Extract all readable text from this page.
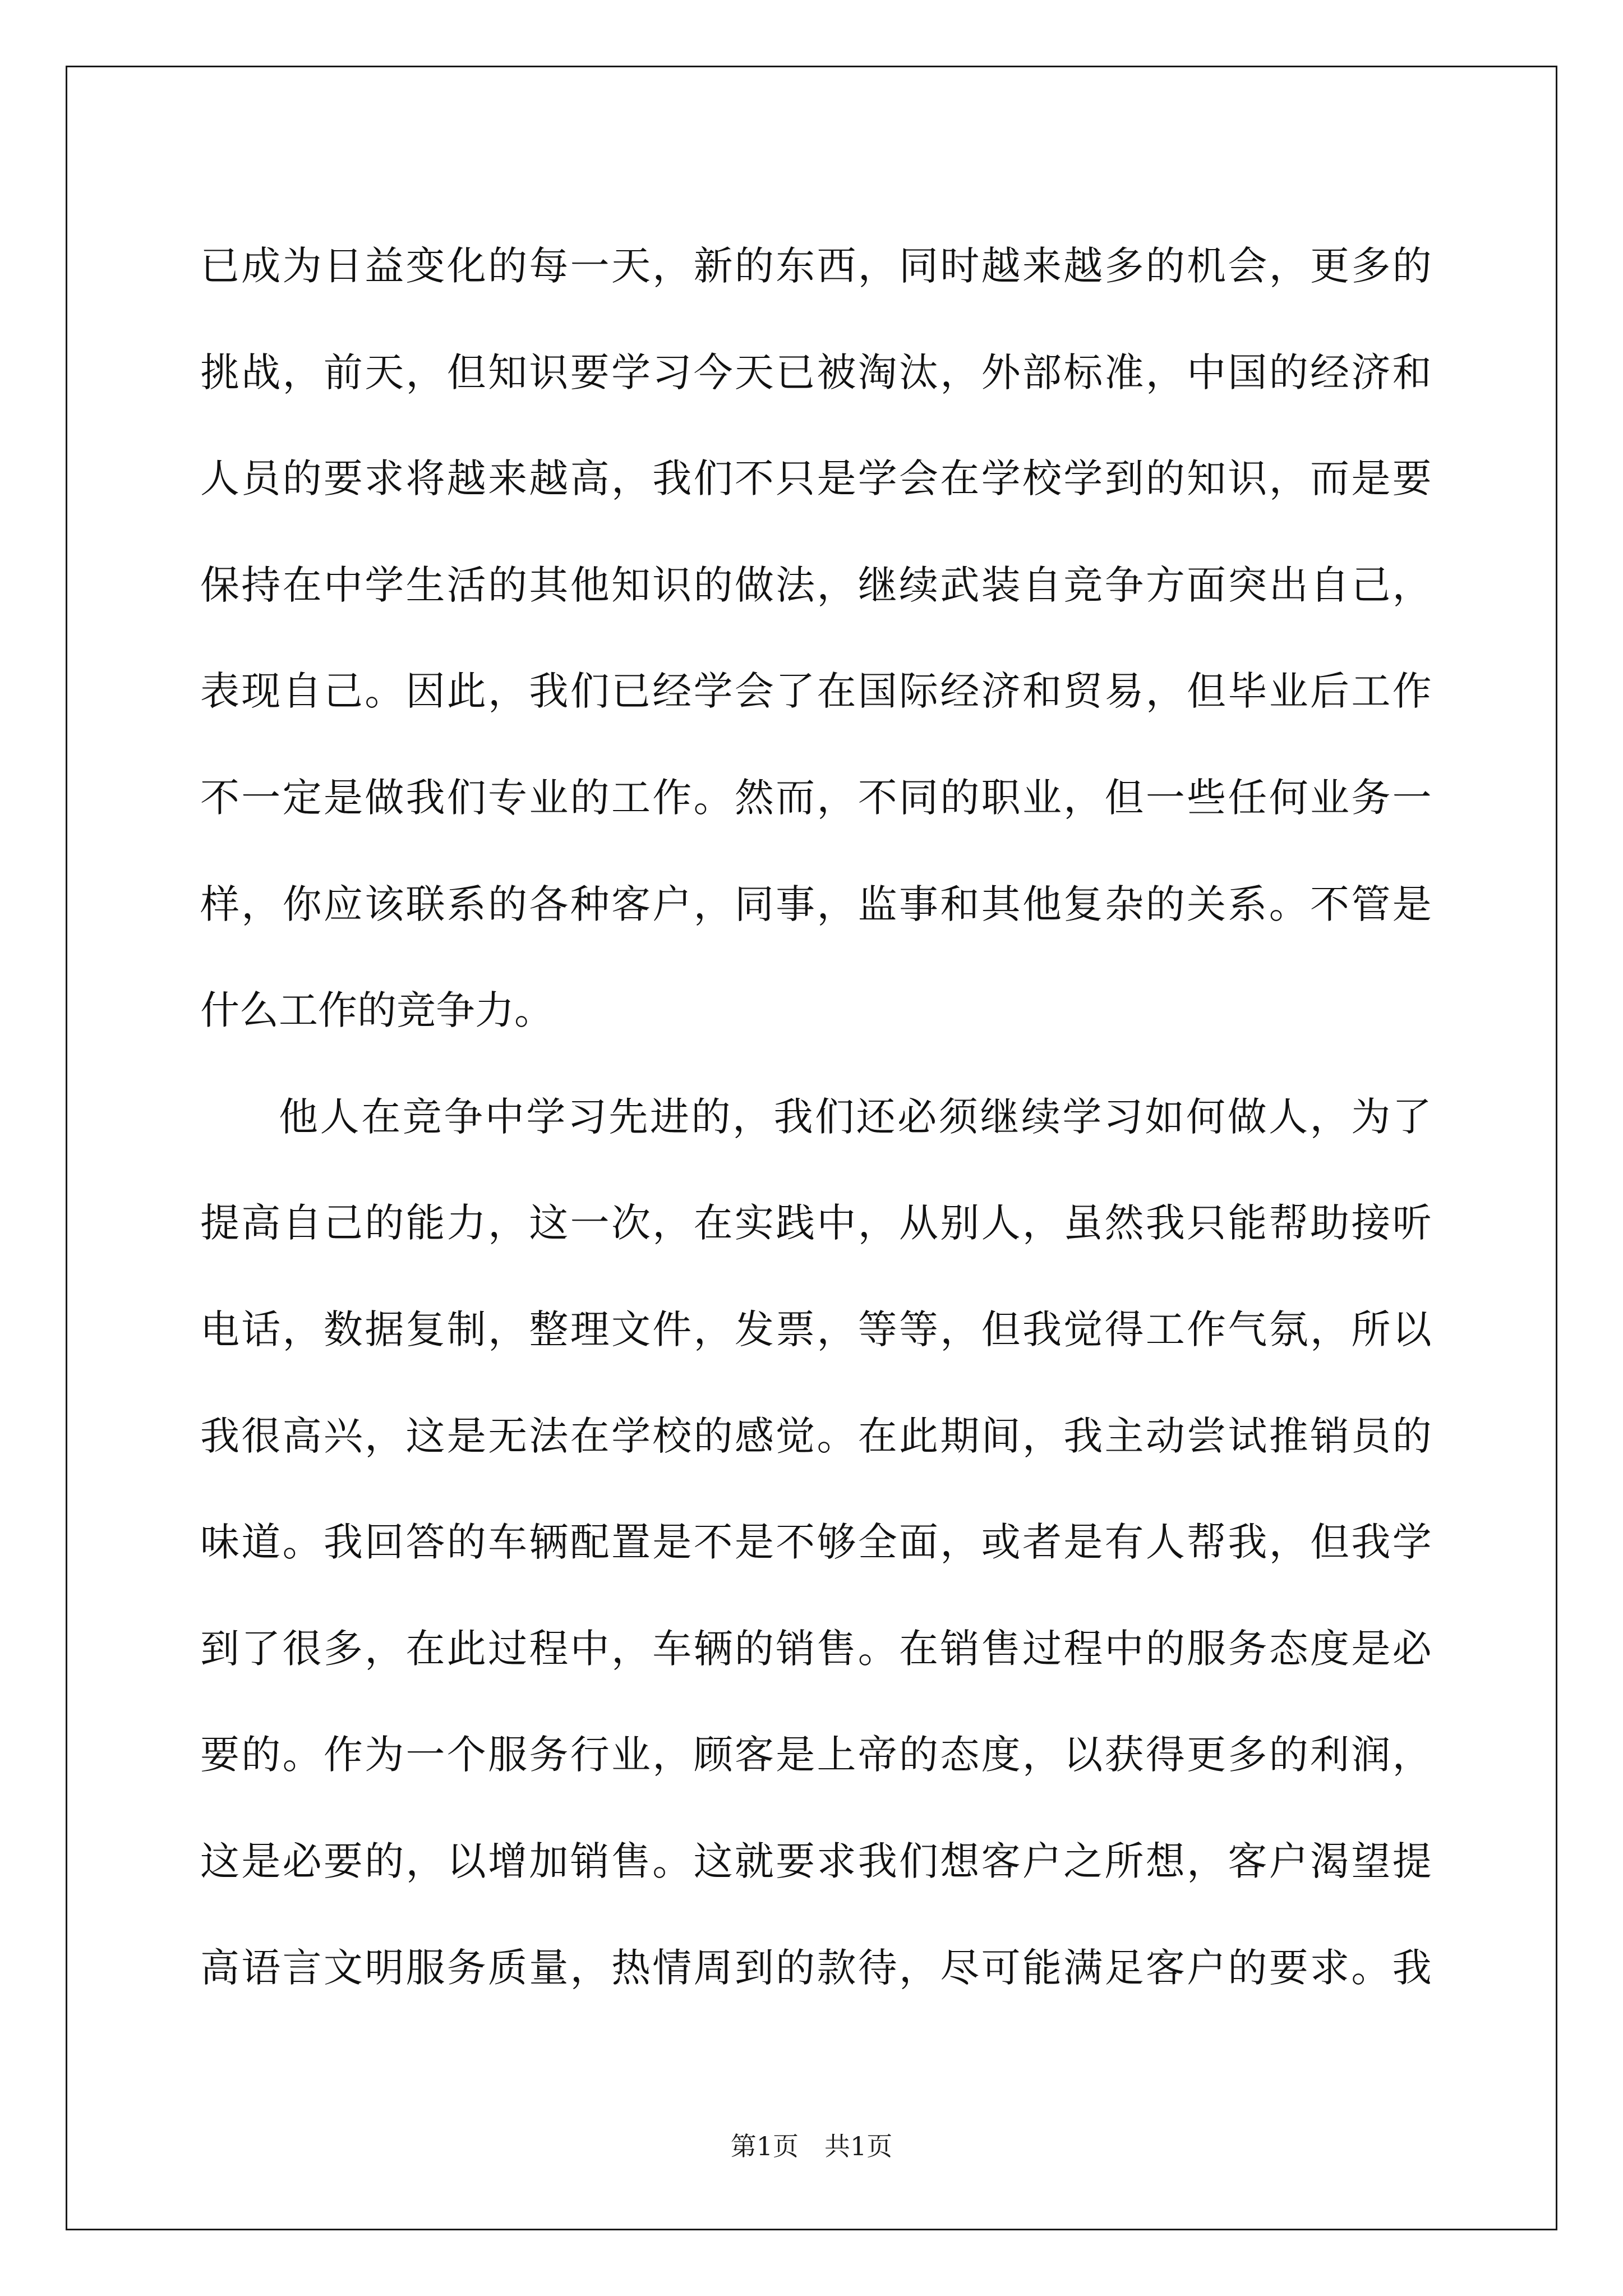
已 成 为 日 益 变 化 的 每 一 天 ， 新 的 东 西 ， 同 时 越 来 越 多 的 机 会 ， 更 多 的
挑 战 ， 前 天 ， 但 知 识 要 学 习 今 天 已 被 淘 汰 ， 外 部 标 准 ， 中 国 的 经 济 和
人 员 的 要 求 将 越 来 越 高 ， 我 们 不 只 是 学 会 在 学 校 学 到 的 知 识 ， 而 是 要
保 持 在 中 学 生 活 的 其 他 知 识 的 做 法 ， 继 续 武 装 自 竞 争 方 面 突 出 自 己 ，
表 现 自 己 。 因 此 ， 我 们 已 经 学 会 了 在 国 际 经 济 和 贸 易 ， 但 毕 业 后 工 作
不 一 定 是 做 我 们 专 业 的 工 作 。 然 而 ， 不 同 的 职 业 ， 但 一 些 任 何 业 务 一
样 ， 你 应 该 联 系 的 各 种 客 户 ， 同 事 ， 监 事 和 其 他 复 杂 的 关 系 。 不 管 是
什 么 工 作 的 竞 争 力 。
他 人 在 竞 争 中 学 习 先 进 的 ， 我 们 还 必 须 继 续 学 习 如 何 做 人 ， 为 了
提 高 自 己 的 能 力 ， 这 一 次 ， 在 实 践 中 ， 从 别 人 ， 虽 然 我 只 能 帮 助 接 听
电 话 ， 数 据 复 制 ， 整 理 文 件 ， 发 票 ， 等 等 ， 但 我 觉 得 工 作 气 氛 ， 所 以
我 很 高 兴 ， 这 是 无 法 在 学 校 的 感 觉 。 在 此 期 间 ， 我 主 动 尝 试 推 销 员 的
味 道 。 我 回 答 的 车 辆 配 置 是 不 是 不 够 全 面 ， 或 者 是 有 人 帮 我 ， 但 我 学
到 了 很 多 ， 在 此 过 程 中 ， 车 辆 的 销 售 。 在 销 售 过 程 中 的 服 务 态 度 是 必
要 的 。 作 为 一 个 服 务 行 业 ， 顾 客 是 上 帝 的 态 度 ， 以 获 得 更 多 的 利 润 ，
这 是 必 要 的 ， 以 增 加 销 售 。 这 就 要 求 我 们 想 客 户 之 所 想 ， 客 户 渴 望 提
高 语 言 文 明 服 务 质 量 ， 热 情 周 到 的 款 待 ， 尽 可 能 满 足 客 户 的 要 求 。 我
第1页　共1页
